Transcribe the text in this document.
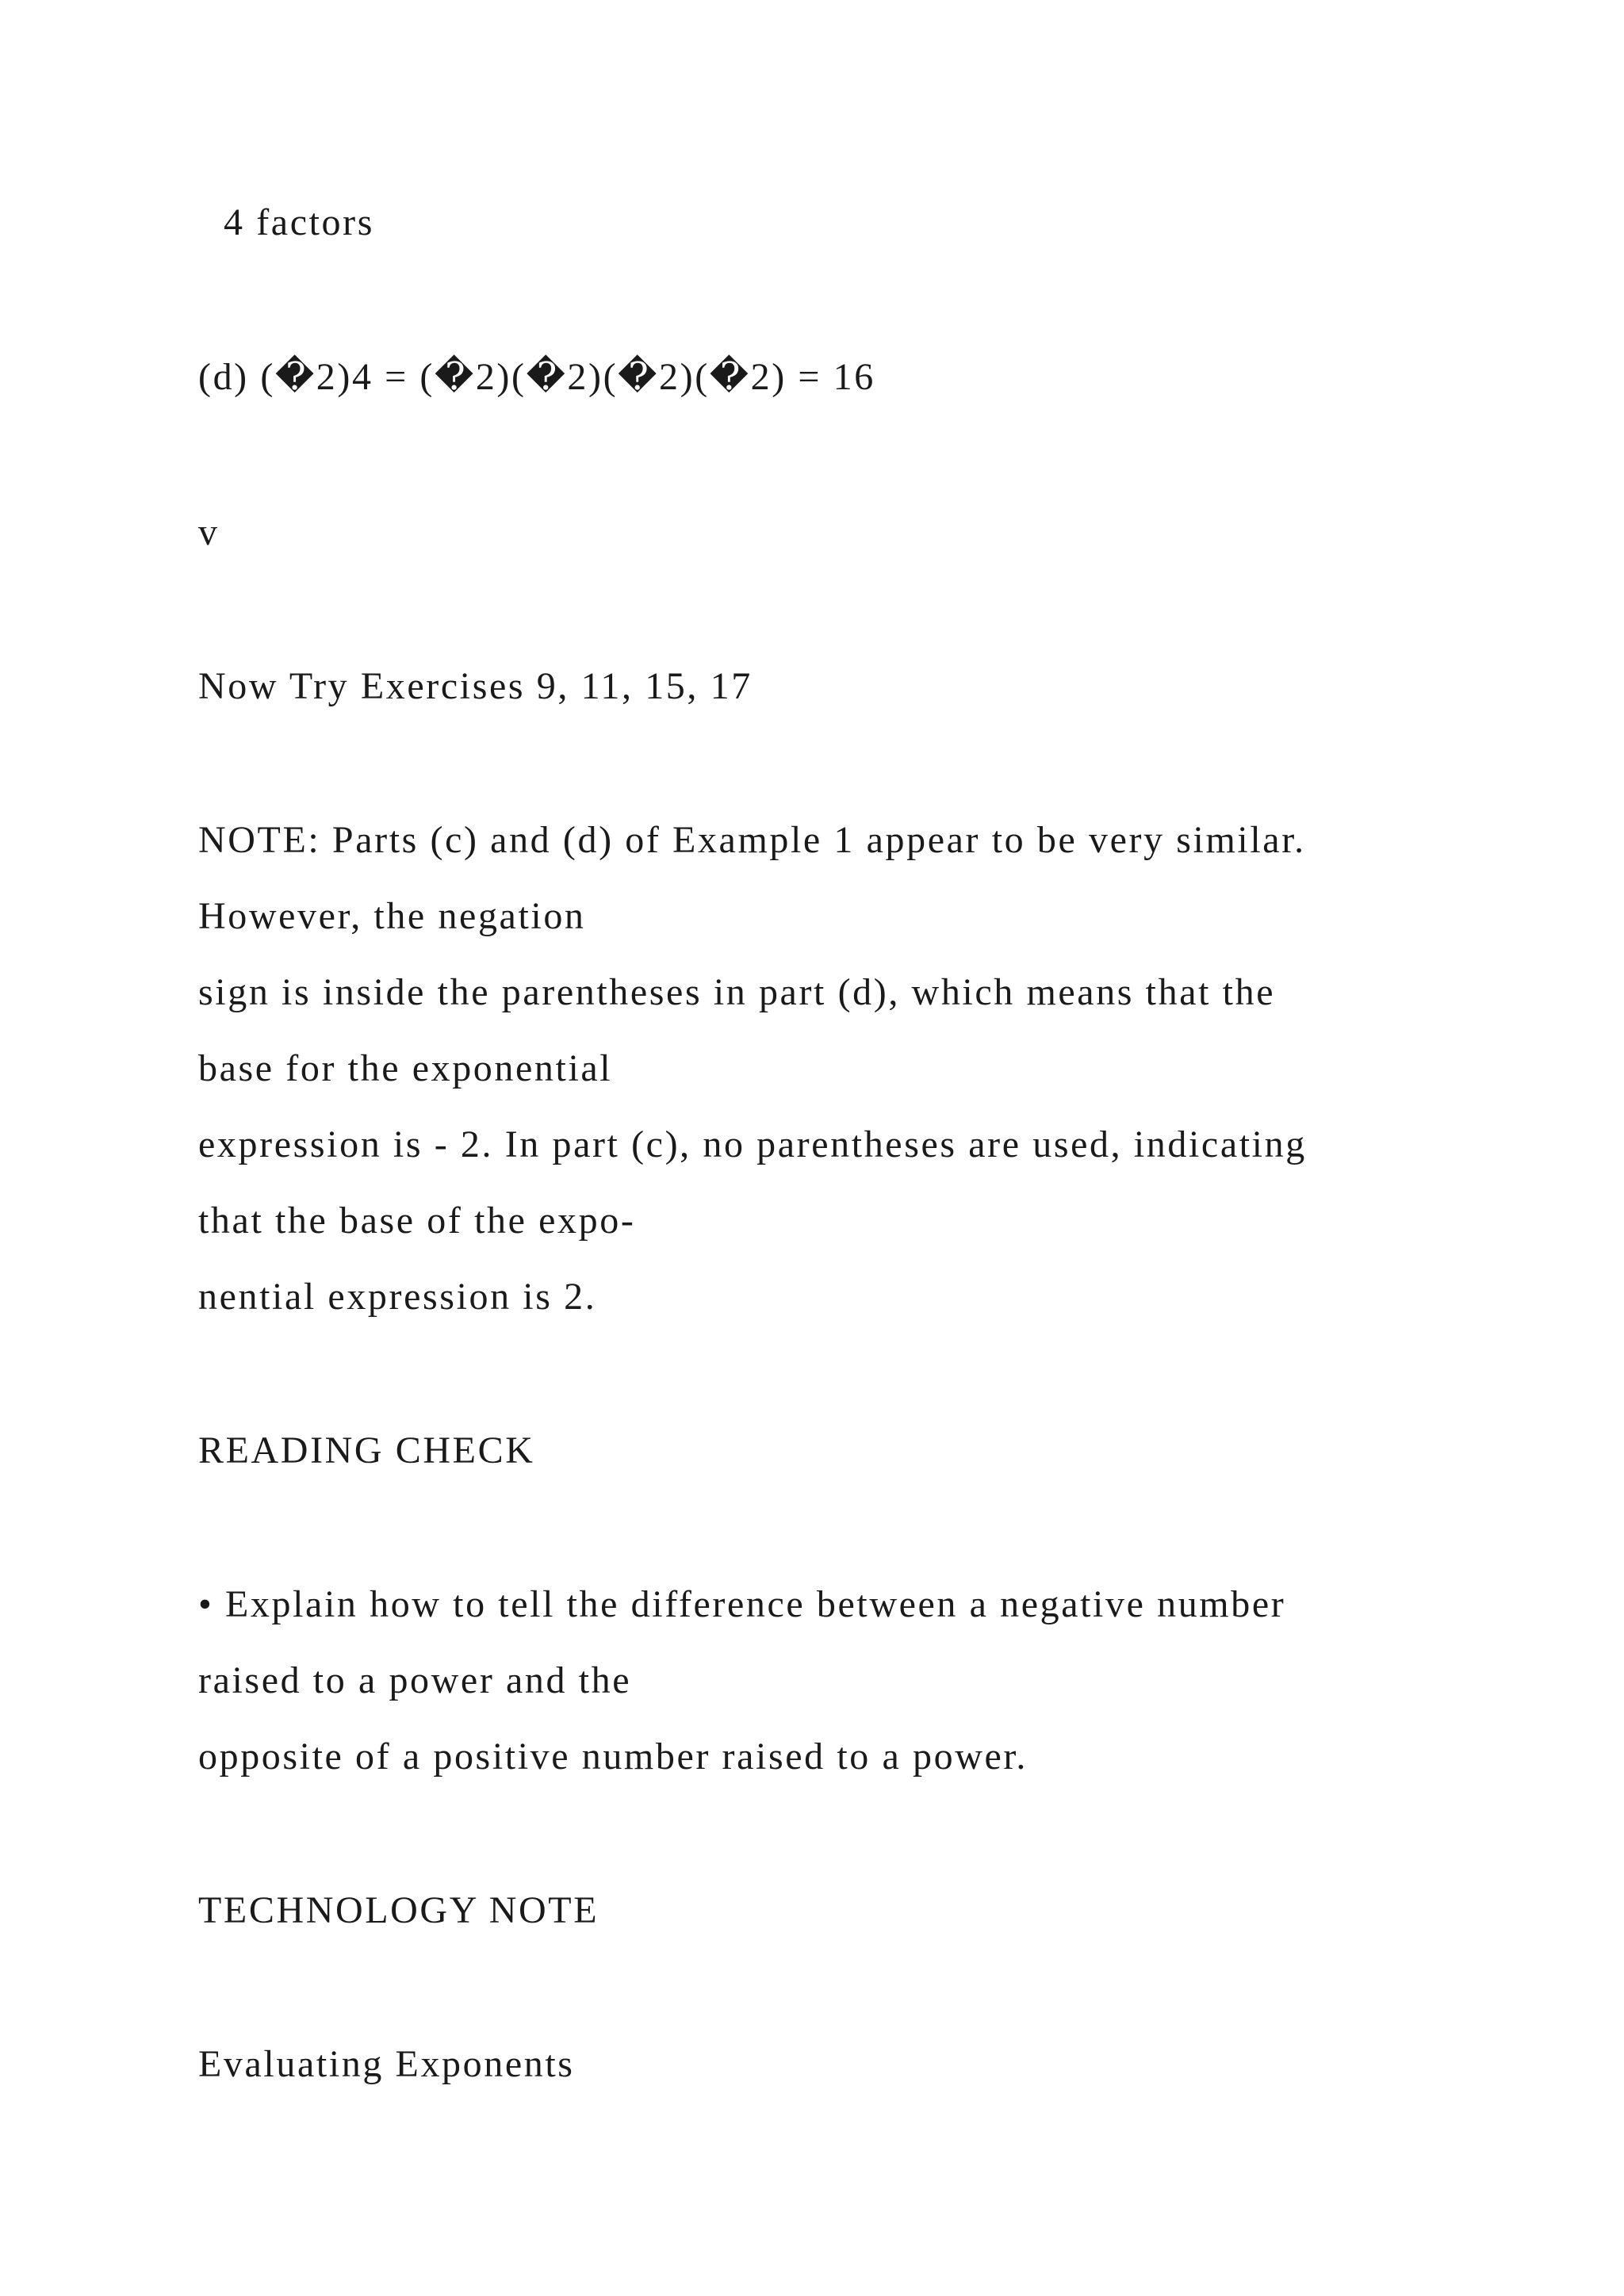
4 factors

(d) (�2)4 = (�2)(�2)(�2)(�2) = 16

v

Now Try Exercises 9, 11, 15, 17

NOTE: Parts (c) and (d) of Example 1 appear to be very similar.

However, the negation

sign is inside the parentheses in part (d), which means that the

base for the exponential

expression is - 2. In part (c), no parentheses are used, indicating

that the base of the expo-

nential expression is 2.

READING CHECK

• Explain how to tell the difference between a negative number

raised to a power and the

opposite of a positive number raised to a power.

TECHNOLOGY NOTE

Evaluating Exponents
